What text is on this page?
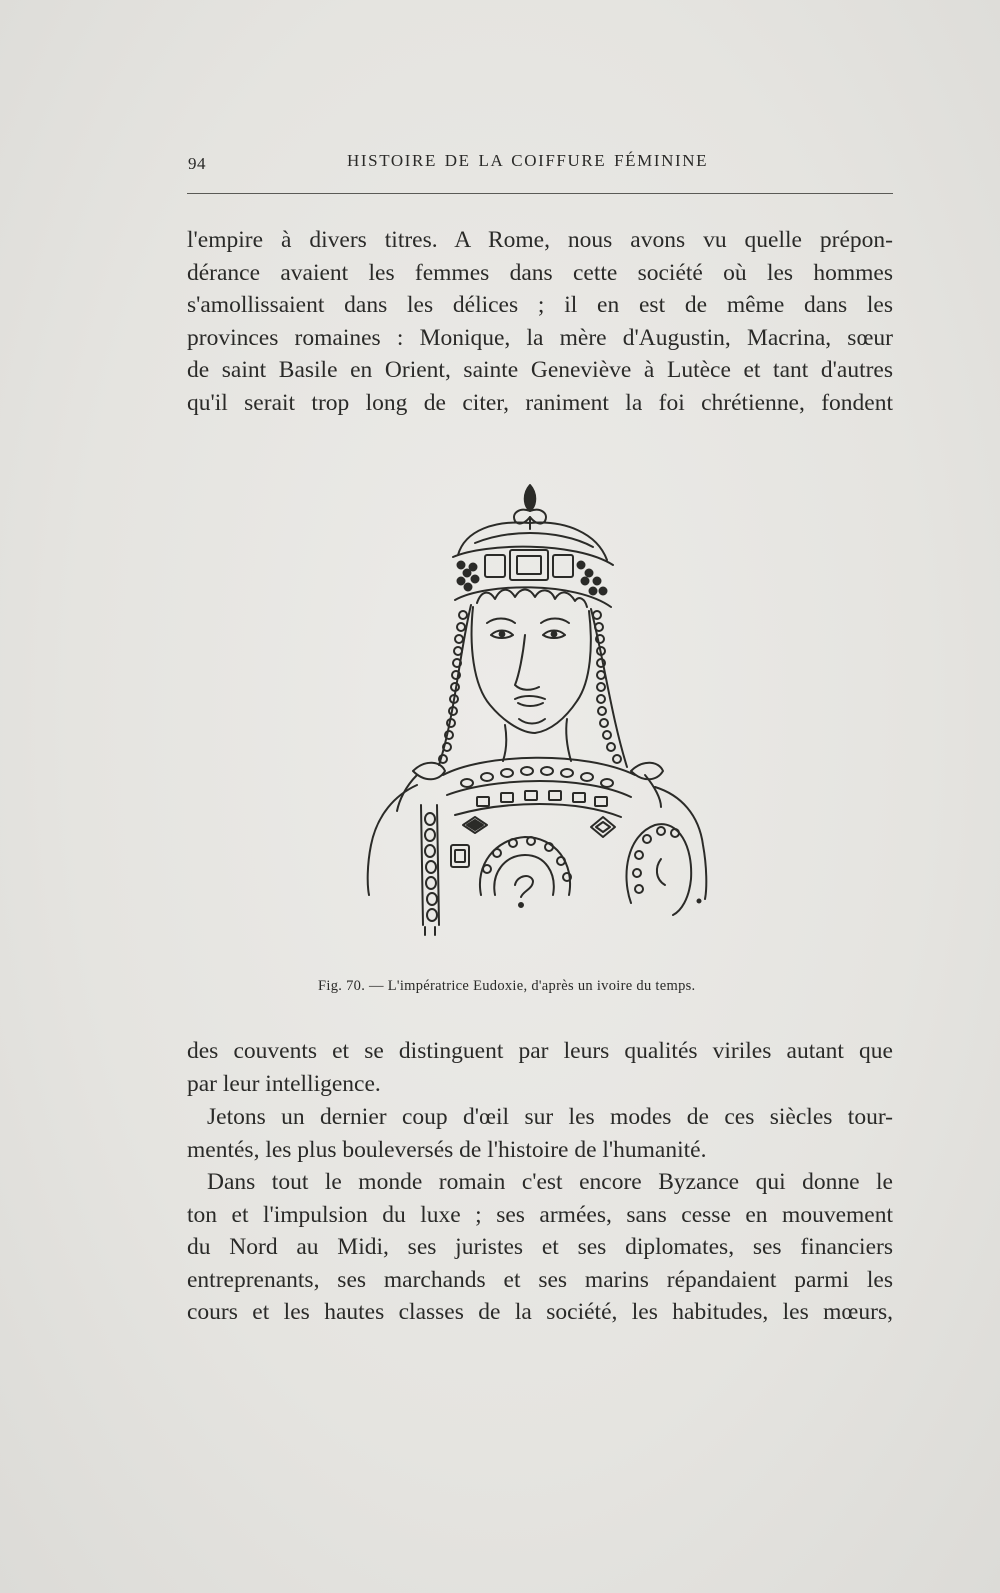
94	HISTOIRE DE LA COIFFURE FÉMININE
l'empire à divers titres. A Rome, nous avons vu quelle prépon-
dérance avaient les femmes dans cette société où les hommes
s'amollissaient dans les délices ; il en est de même dans les
provinces romaines : Monique, la mère d'Augustin, Macrina, sœur
de saint Basile en Orient, sainte Geneviève à Lutèce et tant d'autres
qu'il serait trop long de citer, raniment la foi chrétienne, fondent
Fig. 70. — L'impératrice Eudoxie, d'après un ivoire du temps.
des couvents et se distinguent par leurs qualités viriles autant que
par leur intelligence.
Jetons un dernier coup d'œil sur les modes de ces siècles tour-
mentés, les plus bouleversés de l'histoire de l'humanité.
Dans tout le monde romain c'est encore Byzance qui donne le
ton et l'impulsion du luxe ; ses armées, sans cesse en mouvement
du Nord au Midi, ses juristes et ses diplomates, ses financiers
entreprenants, ses marchands et ses marins répandaient parmi les
cours et les hautes classes de la société, les habitudes, les mœurs,
